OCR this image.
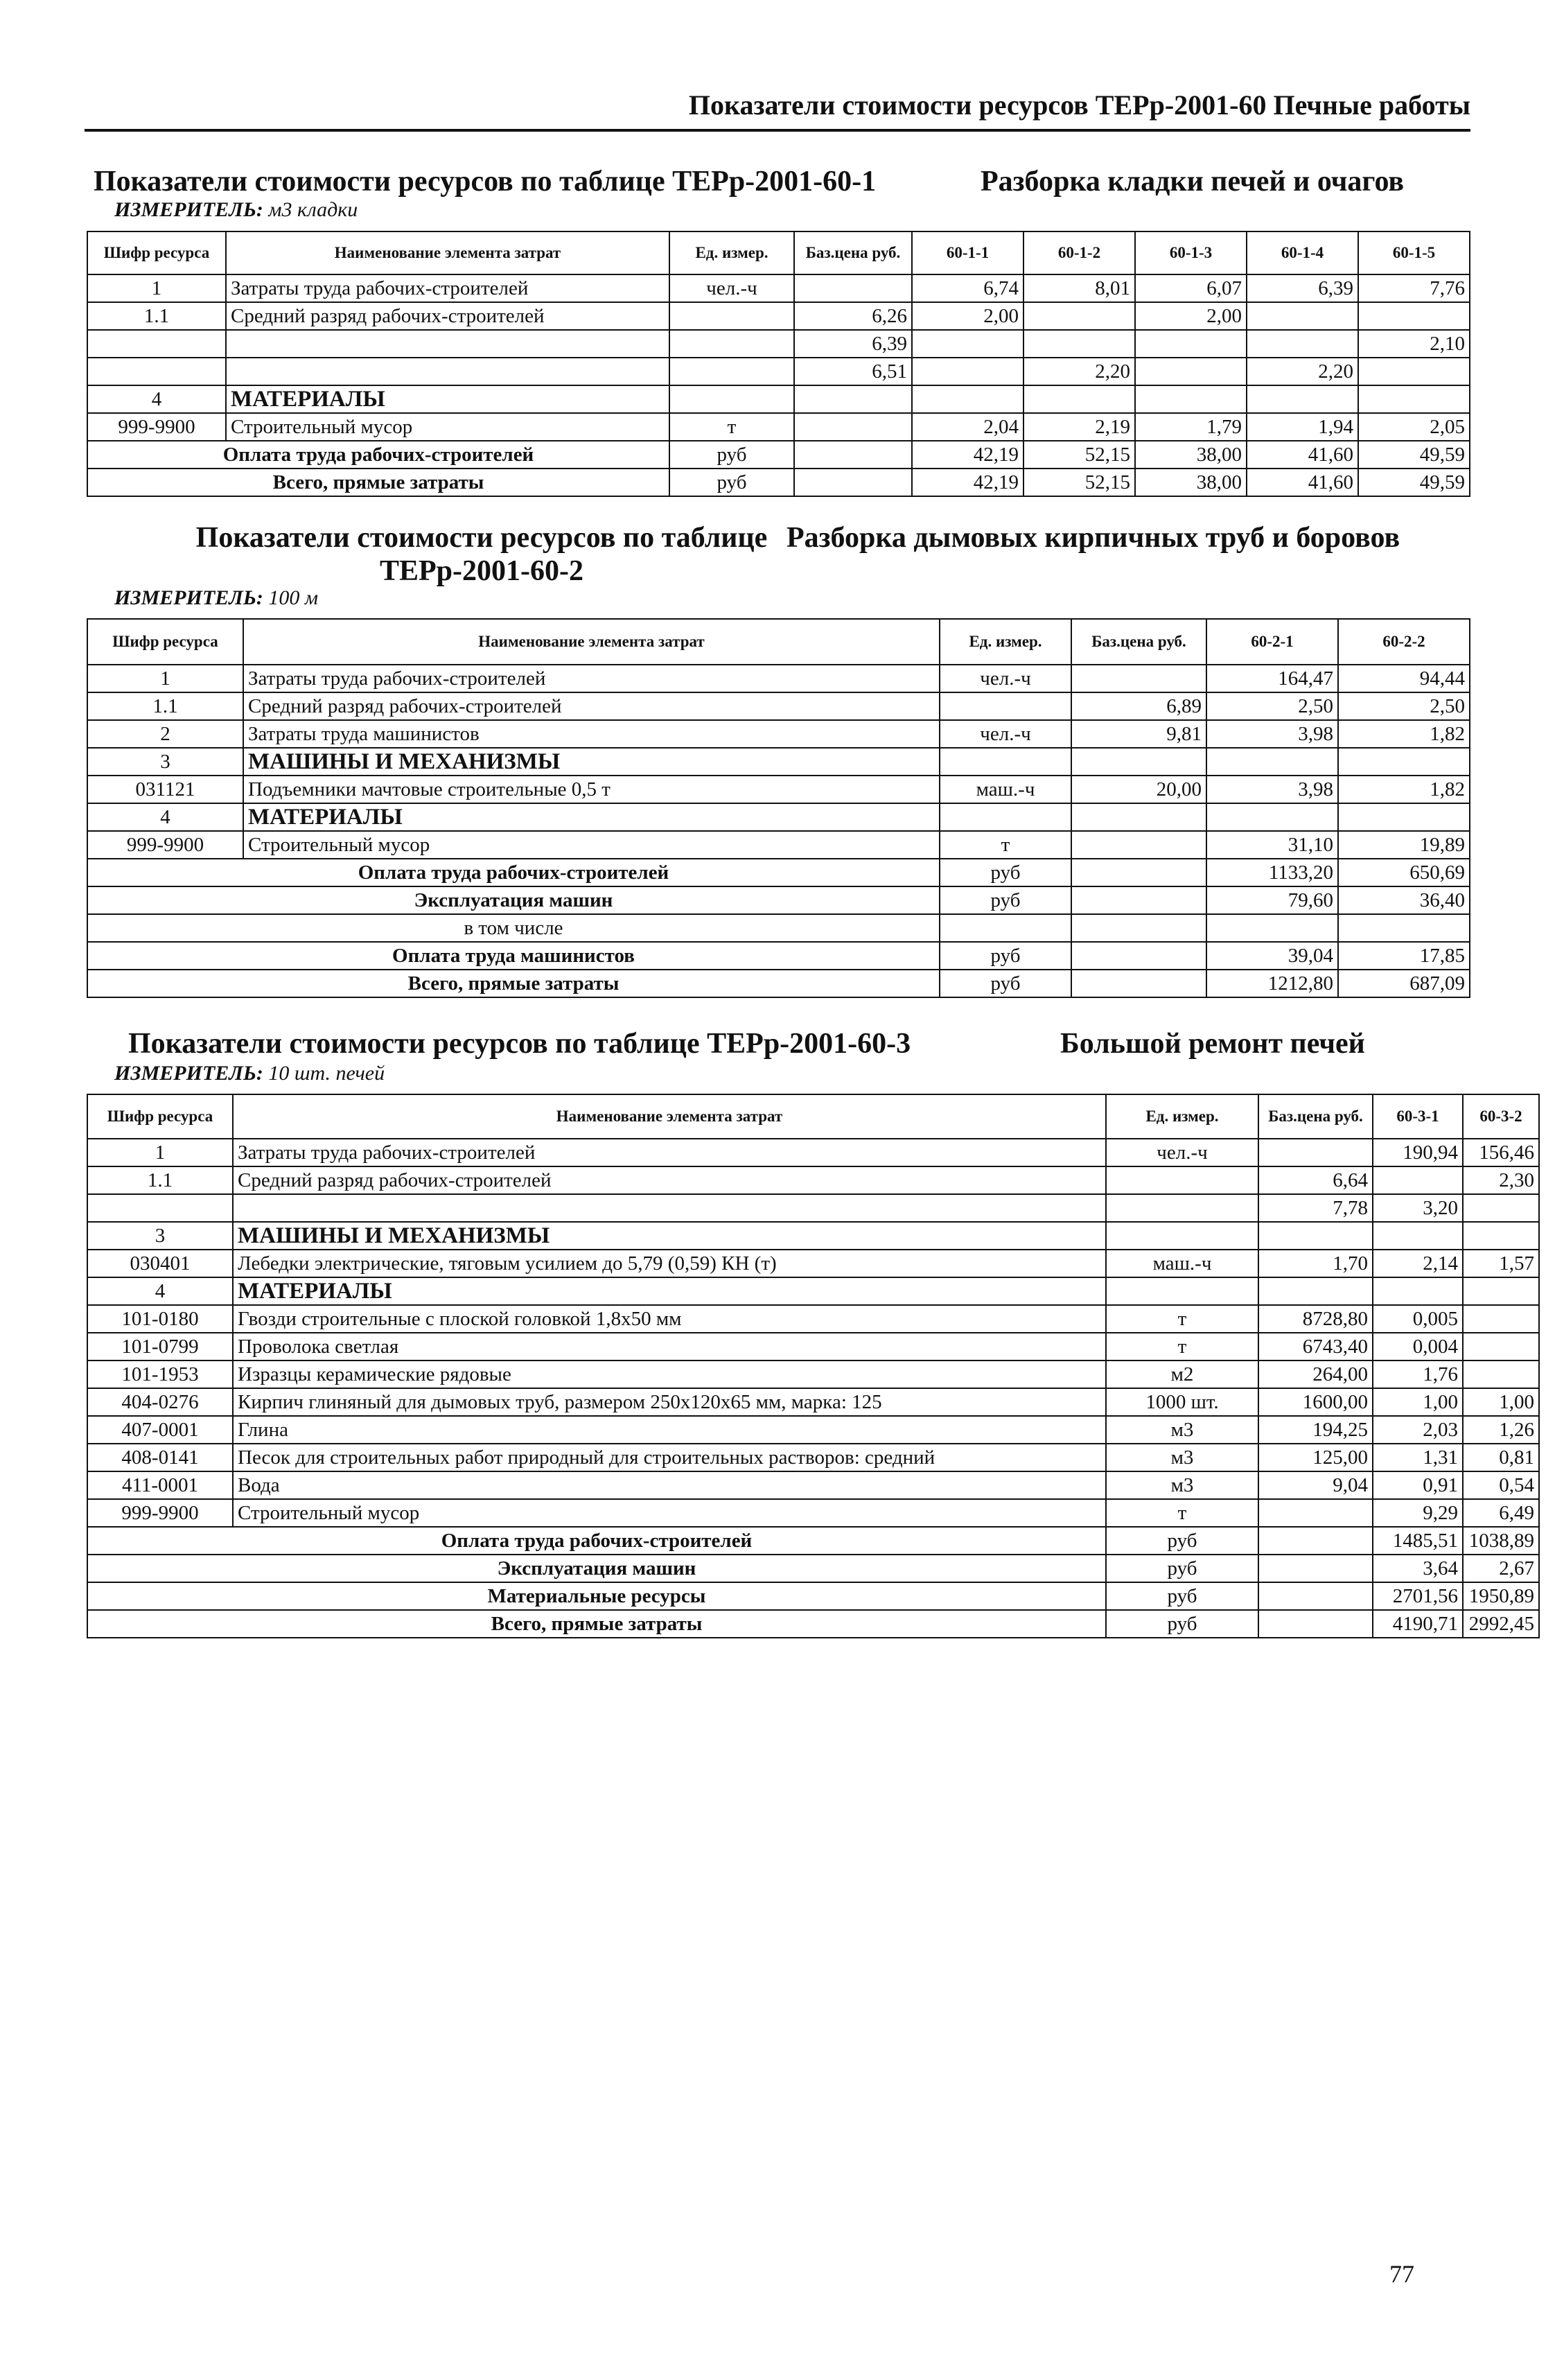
Показатели стоимости ресурсов ТЕРр-2001-60 Печные работы
Показатели стоимости ресурсов по таблице ТЕРр-2001-60-1	Разборка кладки печей и очагов
ИЗМЕРИТЕЛЬ: м3 кладки
Шифр ресурса	Наименование элемента затрат	Ед. измер.	Баз.цена руб.	60-1-1	60-1-2	60-1-3	60-1-4	60-1-5
1	Затраты труда рабочих-строителей	чел.-ч		6,74	8,01	6,07	6,39	7,76
1.1	Средний разряд рабочих-строителей		6,26	2,00		2,00		
			6,39					2,10
			6,51		2,20		2,20	
4	МАТЕРИАЛЫ							
999-9900	Строительный мусор	т		2,04	2,19	1,79	1,94	2,05
Оплата труда рабочих-строителей		руб		42,19	52,15	38,00	41,60	49,59
Всего, прямые затраты		руб		42,19	52,15	38,00	41,60	49,59
Показатели стоимости ресурсов по таблице
ТЕРр-2001-60-2
Разборка дымовых кирпичных труб и боровов
ИЗМЕРИТЕЛЬ: 100 м
Шифр ресурса	Наименование элемента затрат	Ед. измер.	Баз.цена руб.	60-2-1	60-2-2
1	Затраты труда рабочих-строителей	чел.-ч		164,47	94,44
1.1	Средний разряд рабочих-строителей		6,89	2,50	2,50
2	Затраты труда машинистов	чел.-ч	9,81	3,98	1,82
3	МАШИНЫ И МЕХАНИЗМЫ				
031121	Подъемники мачтовые строительные 0,5 т	маш.-ч	20,00	3,98	1,82
4	МАТЕРИАЛЫ				
999-9900	Строительный мусор	т		31,10	19,89
Оплата труда рабочих-строителей		руб		1133,20	650,69
Эксплуатация машин		руб		79,60	36,40
в том числе					
Оплата труда машинистов		руб		39,04	17,85
Всего, прямые затраты		руб		1212,80	687,09
Показатели стоимости ресурсов по таблице ТЕРр-2001-60-3	Большой ремонт печей
ИЗМЕРИТЕЛЬ: 10 шт. печей
Шифр ресурса	Наименование элемента затрат	Ед. измер.	Баз.цена руб.	60-3-1	60-3-2
1	Затраты труда рабочих-строителей	чел.-ч		190,94	156,46
1.1	Средний разряд рабочих-строителей		6,64		2,30
			7,78	3,20	
3	МАШИНЫ И МЕХАНИЗМЫ				
030401	Лебедки электрические, тяговым усилием до 5,79 (0,59) КН (т)	маш.-ч	1,70	2,14	1,57
4	МАТЕРИАЛЫ				
101-0180	Гвозди строительные с плоской головкой 1,8х50 мм	т	8728,80	0,005	
101-0799	Проволока светлая	т	6743,40	0,004	
101-1953	Изразцы керамические рядовые	м2	264,00	1,76	
404-0276	Кирпич глиняный для дымовых труб, размером 250х120х65 мм, марка: 125	1000 шт.	1600,00	1,00	1,00
407-0001	Глина	м3	194,25	2,03	1,26
408-0141	Песок для строительных работ природный для строительных растворов: средний	м3	125,00	1,31	0,81
411-0001	Вода	м3	9,04	0,91	0,54
999-9900	Строительный мусор	т		9,29	6,49
Оплата труда рабочих-строителей		руб		1485,51	1038,89
Эксплуатация машин		руб		3,64	2,67
Материальные ресурсы		руб		2701,56	1950,89
Всего, прямые затраты		руб		4190,71	2992,45
77
